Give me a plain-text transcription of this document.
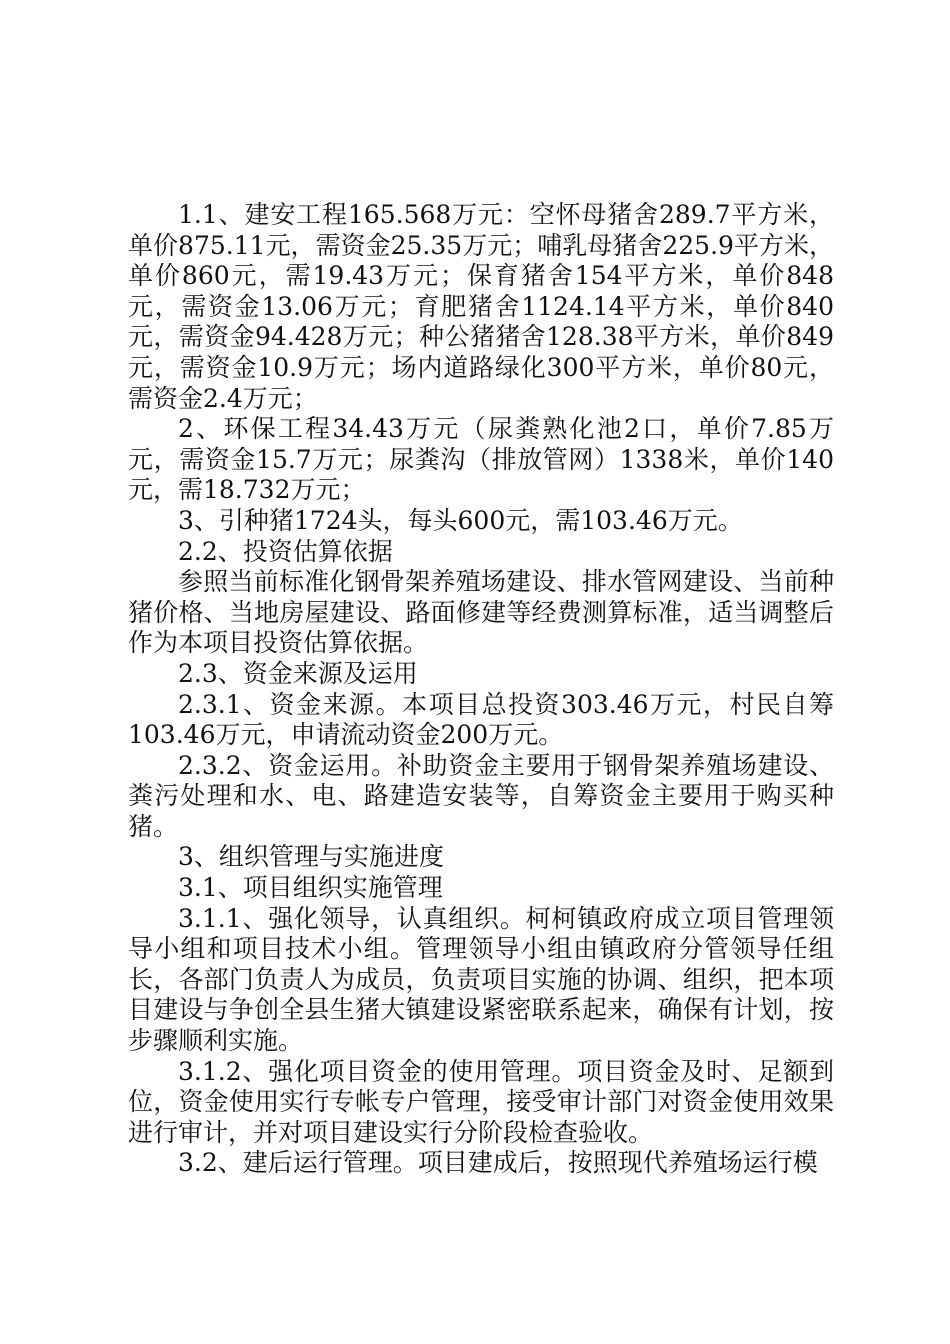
1.1、建安工程165.568万元：空怀母猪舍289.7平方米，单价875.11元，需资金25.35万元；哺乳母猪舍225.9平方米，单价860元，需19.43万元；保育猪舍154平方米，单价848元，需资金13.06万元；育肥猪舍1124.14平方米，单价840元，需资金94.428万元；种公猪猪舍128.38平方米，单价849元，需资金10.9万元；场内道路绿化300平方米，单价80元，需资金2.4万元；

2、环保工程34.43万元（尿粪熟化池2口，单价7.85万元，需资金15.7万元；尿粪沟（排放管网）1338米，单价140元，需18.732万元；

3、引种猪1724头，每头600元，需103.46万元。

2.2、投资估算依据

参照当前标准化钢骨架养殖场建设、排水管网建设、当前种猪价格、当地房屋建设、路面修建等经费测算标准，适当调整后作为本项目投资估算依据。

2.3、资金来源及运用

2.3.1、资金来源。本项目总投资303.46万元，村民自筹103.46万元，申请流动资金200万元。

2.3.2、资金运用。补助资金主要用于钢骨架养殖场建设、粪污处理和水、电、路建造安装等，自筹资金主要用于购买种猪。

3、组织管理与实施进度

3.1、项目组织实施管理

3.1.1、强化领导，认真组织。柯柯镇政府成立项目管理领导小组和项目技术小组。管理领导小组由镇政府分管领导任组长，各部门负责人为成员，负责项目实施的协调、组织，把本项目建设与争创全县生猪大镇建设紧密联系起来，确保有计划，按步骤顺利实施。

3.1.2、强化项目资金的使用管理。项目资金及时、足额到位，资金使用实行专帐专户管理，接受审计部门对资金使用效果进行审计，并对项目建设实行分阶段检查验收。

3.2、建后运行管理。项目建成后，按照现代养殖场运行模
